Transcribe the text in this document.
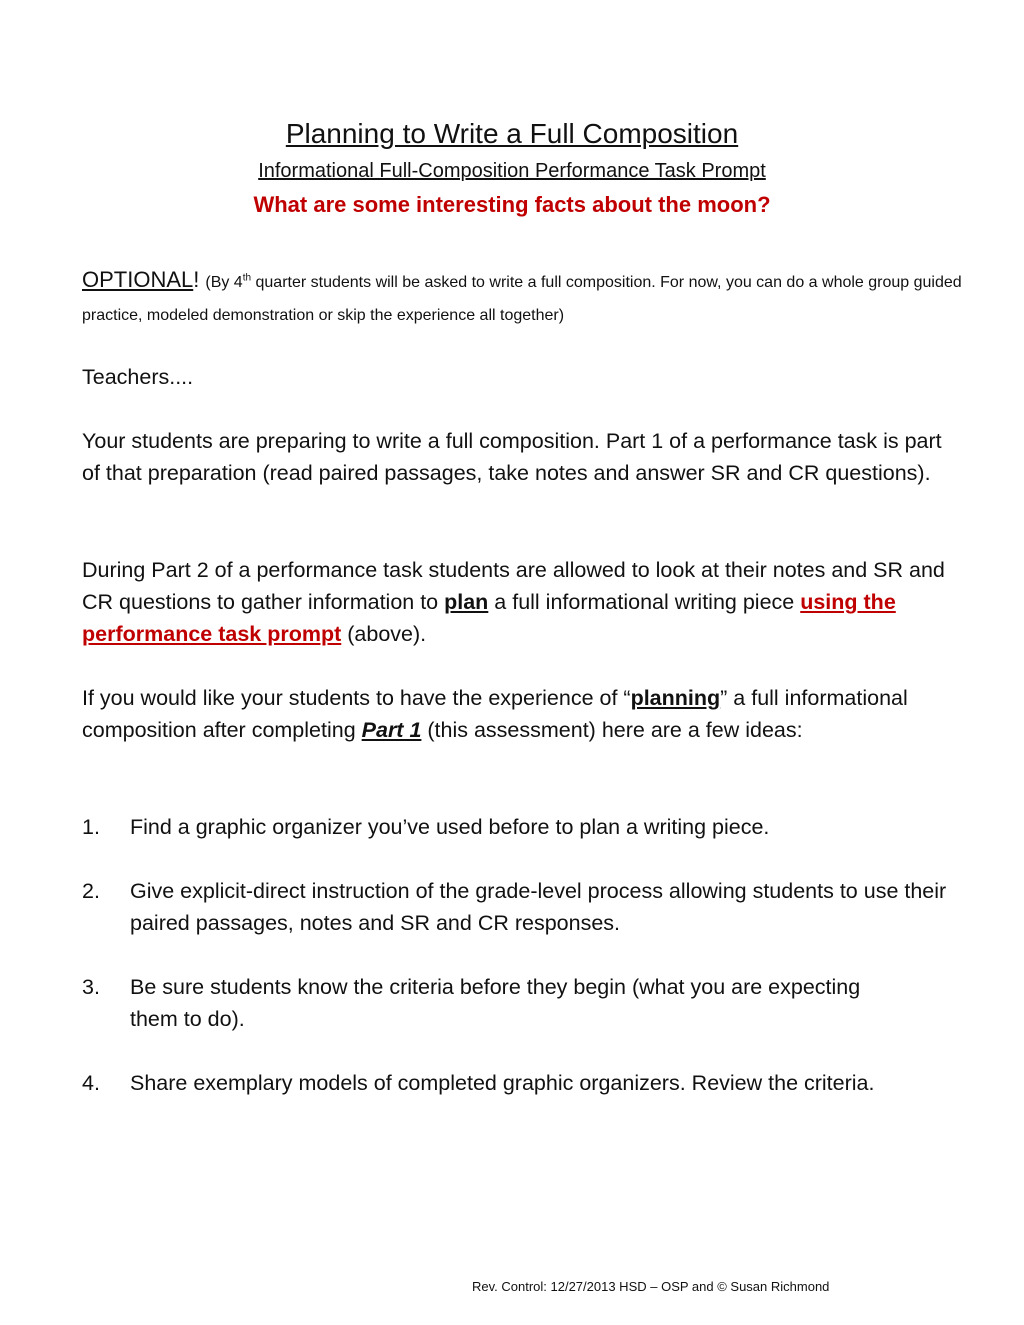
Planning to Write a Full Composition
Informational Full-Composition Performance Task Prompt
What are some interesting facts about the moon?
OPTIONAL! (By 4th quarter students will be asked to write a full composition. For now, you can do a whole group guided practice, modeled demonstration or skip the experience all together)
Teachers....
Your students are preparing to write a full composition. Part 1 of a performance task is part of that preparation (read paired passages, take notes and answer SR and CR questions).
During Part 2 of a performance task students are allowed to look at their notes and SR and CR questions to gather information to plan a full informational writing piece using the performance task prompt (above).
If you would like your students to have the experience of “planning” a full informational composition after completing Part 1 (this assessment) here are a few ideas:
1. Find a graphic organizer you’ve used before to plan a writing piece.
2. Give explicit-direct instruction of the grade-level process allowing students to use their paired passages, notes and SR and CR responses.
3. Be sure students know the criteria before they begin (what you are expecting them to do).
4. Share exemplary models of completed graphic organizers. Review the criteria.
Rev. Control: 12/27/2013 HSD – OSP and © Susan Richmond
